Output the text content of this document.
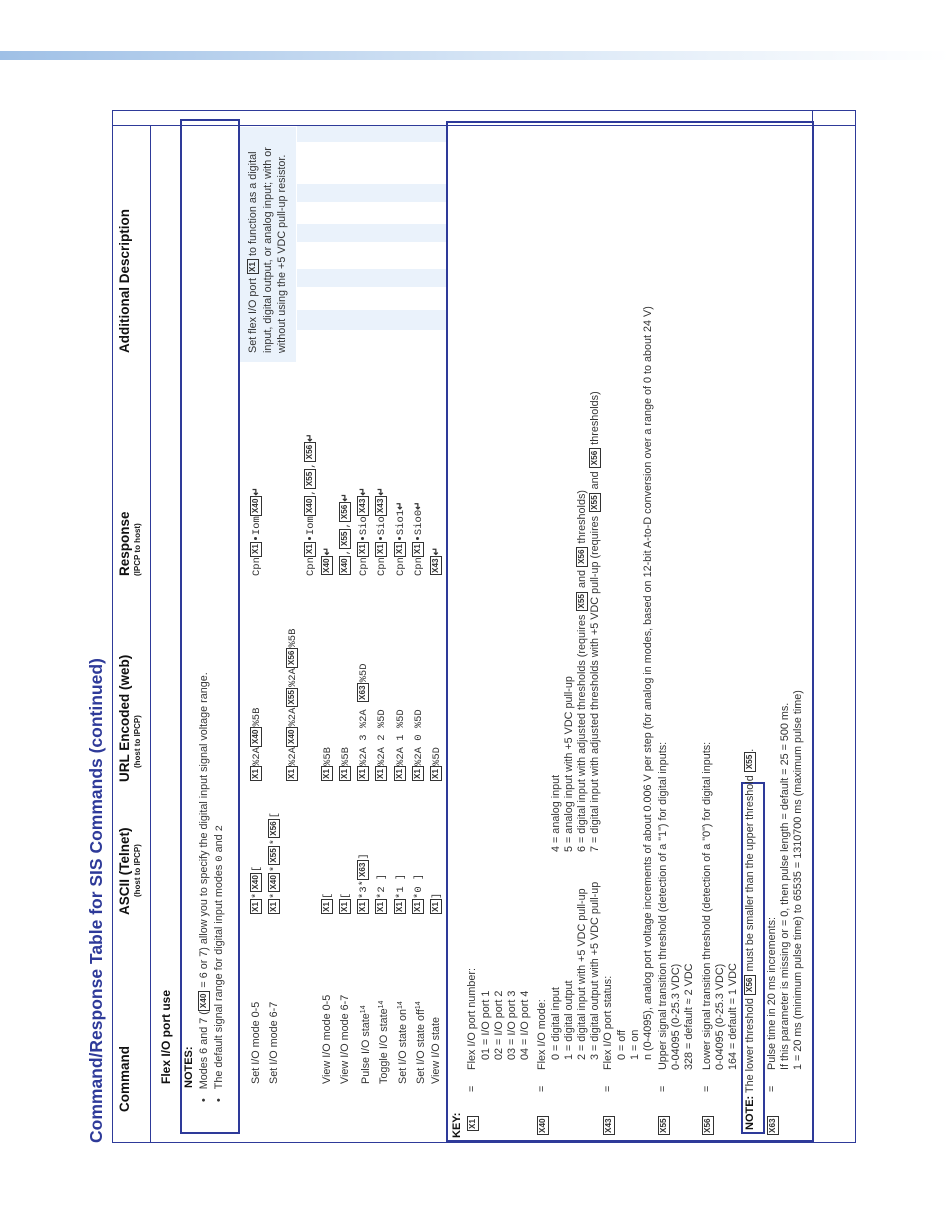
Command/Response Table for SIS Commands (continued) Command
ASCII (Telnet) (host to IPCP)
URL Encoded (web) (host to IPCP)
Response (IPCP to host)
Additional Description
Flex I/O port use NOTES:
•   Modes 6 and 7 (X40 = 6 or 7) allow you to specify the digital input signal voltage range.
•   The default signal range for digital input modes 0 and 2
Set I/O mode 0-5
X1*X40[
X1%2AX40%5B
CpnX1IomX40↵
Set I/O mode 6-7
X1*X40*X55*X56[
X1%2AX40%2AX55%2AX56%5B
CpnX1IomX40,X55,X56↵
View I/O mode 0-5
X1[
X1%5B
X40↵
View I/O mode 6-7
X1[
X1%5B
X40,X55,X56↵
Pulse I/O state$^{14}$
X1*3*X63]
X1%2A 3 %2A X63%5D
CpnX1SioX43↵
Toggle I/O state$^{14}$
X1*2 ]
X1%2A 2 %5D
CpnX1SioX43↵
Set I/O state $on^{14}$
X1*1 ]
X1%2A 1 %5D
CpnX1Sio1↵
Set I/O state off$^{14}$
X1*0 ]
X1%2A 0 %5D
CpnX1Sio0↵
View I/O state
X1]
X1%5D
X43↵
Set flex I/O port X1 to function as a digital input, digital output, or analog input; with or without using the +5 VDC pull-up resistor.
KEY: X1
=
Flex I/O port number: 01 = I/O port 1 02 = I/O port 2 03 = I/O port 3 04 = I/O port 4
X40
=
Flex I/O mode: 0 = digital input 1 = digital output 2 = digital input with +5 VDC pull-up 3 = digital output with +5 VDC pull-up
4 = analog input 5 = analog input with +5 VDC pull-up 6 = digital input with adjusted thresholds (requires X55 and X56 thresholds) 7 = digital input with adjusted thresholds with +5 VDC pull-up (requires X55 and X56 thresholds)
X43
=
Flex I/O port status: 0 = off 1 = on n (0-4095), analog port voltage increments of about 0.006 V per step (for analog in modes, based on 12-bit A-to-D conversion over a range of 0 to about 24 V)
X55
=
Upper signal transition threshold (detection of a "1") for digital inputs: 0-04095 (0-25.3 VDC) 328 = default ≈ 2 VDC
X56
=
Lower signal transition threshold (detection of a "0") for digital inputs: 0-04095 (0-25.3 VDC) 164 = default = 1 VDC
NOTE: The lower threshold X56 must be smaller than the upper threshold X55.
X63
=
Pulse time in 20 ms increments: If this parameter is missing or = 0, then pulse length = default = 25 = 500 ms. 1 = 20 ms (minimum pulse time) to 65535 = 1310700 ms (maximum pulse time)
